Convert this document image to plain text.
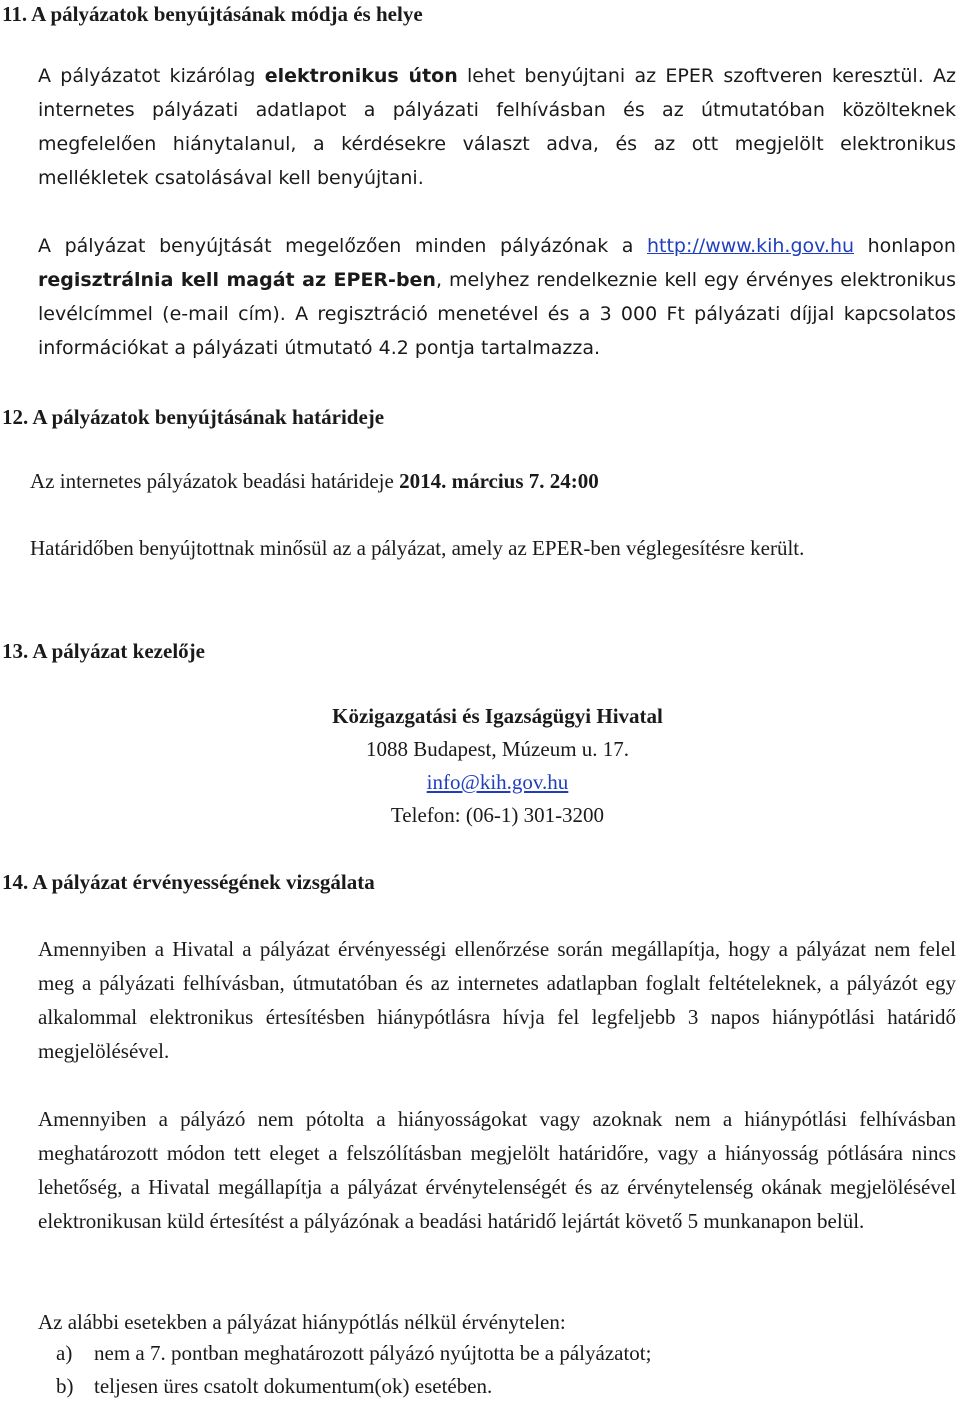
11. A pályázatok benyújtásának módja és helye

A pályázatot kizárólag elektronikus úton lehet benyújtani az EPER szoftveren keresztül. Az internetes pályázati adatlapot a pályázati felhívásban és az útmutatóban közölteknek megfelelően hiánytalanul, a kérdésekre választ adva, és az ott megjelölt elektronikus mellékletek csatolásával kell benyújtani.

A pályázat benyújtását megelőzően minden pályázónak a http://www.kih.gov.hu honlapon regisztrálnia kell magát az EPER-ben, melyhez rendelkeznie kell egy érvényes elektronikus levélcímmel (e-mail cím). A regisztráció menetével és a 3 000 Ft pályázati díjjal kapcsolatos információkat a pályázati útmutató 4.2 pontja tartalmazza.

12. A pályázatok benyújtásának határideje

Az internetes pályázatok beadási határideje 2014. március 7. 24:00

Határidőben benyújtottnak minősül az a pályázat, amely az EPER-ben véglegesítésre került.

13. A pályázat kezelője
Közigazgatási és Igazságügyi Hivatal
1088 Budapest, Múzeum u. 17.
info@kih.gov.hu
Telefon: (06-1) 301-3200
14. A pályázat érvényességének vizsgálata

Amennyiben a Hivatal a pályázat érvényességi ellenőrzése során megállapítja, hogy a pályázat nem felel meg a pályázati felhívásban, útmutatóban és az internetes adatlapban foglalt feltételeknek, a pályázót egy alkalommal elektronikus értesítésben hiánypótlásra hívja fel legfeljebb 3 napos hiánypótlási határidő megjelölésével.

Amennyiben a pályázó nem pótolta a hiányosságokat vagy azoknak nem a hiánypótlási felhívásban meghatározott módon tett eleget a felszólításban megjelölt határidőre, vagy a hiányosság pótlására nincs lehetőség, a Hivatal megállapítja a pályázat érvénytelenségét és az érvénytelenség okának megjelölésével elektronikusan küld értesítést a pályázónak a beadási határidő lejártát követő 5 munkanapon belül.

Az alábbi esetekben a pályázat hiánypótlás nélkül érvénytelen:

a) nem a 7. pontban meghatározott pályázó nyújtotta be a pályázatot;
b) teljesen üres csatolt dokumentum(ok) esetében.
